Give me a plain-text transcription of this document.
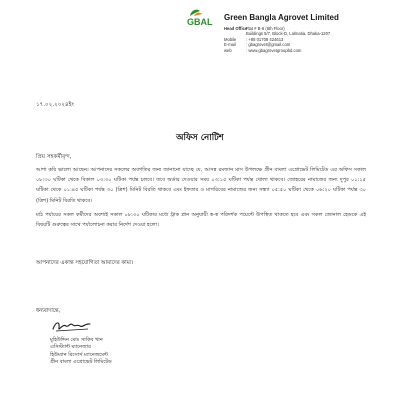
GBAL Green Bangla Agrovet Limited
Head Office :
Flat # B-6 (6th Floor)
Buildings 5/7, Block-D, Lalmatia, Dhaka-1207
Mobile	: +88 01708 424613
E-mail	: gbagrovet@gmail.com
web	: www.gbagrovetgroupbd.com
১৭.০২.২০২৪ইং
অফিস নোটিশ
প্রিয় সহকর্মীবৃন্দ,
আশা করি ভালো আছেন। আপনাদের সকলের অবগতির জন্য জানানো যাচ্ছে যে, আসন্ন রমজান মাস উপলক্ষে গ্রীন বাংলা এগ্রোভেট লিমিটেড এর অফিস সকাল ০৮:৩০ ঘটিকা থেকে বিকাল ০৩:৩০ ঘটিকা পর্যন্ত চলবে। তবে অর্ডার দেওয়ার সময় ০৩:১৫ ঘটিকা পর্যন্ত খোলা থাকবে। জোহরের নামাজের জন্য দুপুর ০১:১৫ ঘটিকা থেকে ০১:৪৫ ঘটিকা পর্যন্ত ৩০ (ত্রিশ) মিনিট বিরতি থাকবে এবং ইফতার ও মাগরিবের নামাজের জন্য সন্ধ্যা ০৫:৫০ ঘটিকা থেকে ০৬:২০ ঘটিকা পর্যন্ত ৩০ (ত্রিশ) মিনিট বিরতি থাকবে।
মাঠ পর্যায়ের সকল কর্মীদের অবশ্যই সকাল ০৮:৩০ ঘটিকার মধ্যে ট্রাক প্লান অনুযায়ী স্ব-স্ব পরিদর্শক পয়েন্টে উপস্থিত থাকতে হবে এবং সকল জোনাল হেডকে এই বিষয়টি গুরুত্বের সাথে পর্যালোচনা করার নির্দেশ দেওয়া হলো।
আপনাদের একান্ত সহযোগিতা আমাদের কাম্য।
ধন্যবাদান্তে,
মুহিউদ্দিন মোঃ সাকিব খান
এসিস্ট্যান্ট ম্যানেজার
হিউম্যান রিসোর্স ম্যানেজমেন্ট
গ্রীন বাংলা এগ্রোভেট লিমিটেড
